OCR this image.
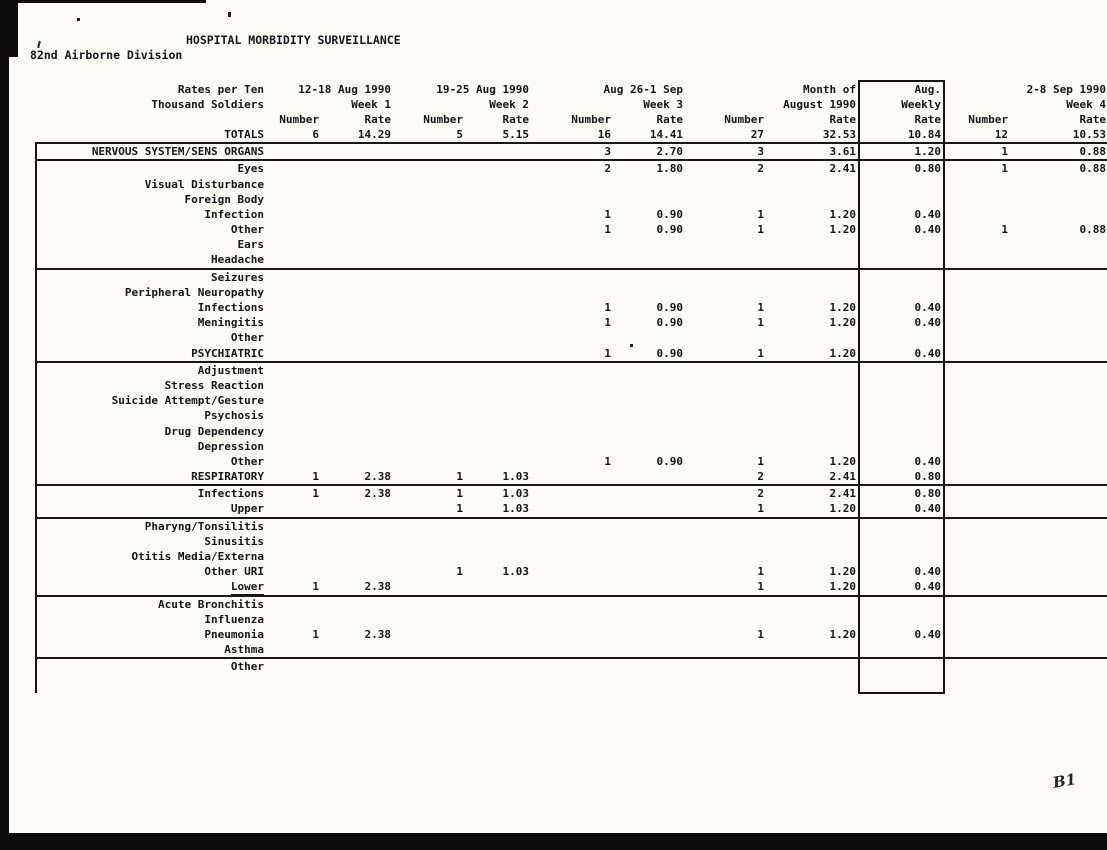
HOSPITAL MORBIDITY SURVEILLANCE
82nd Airborne Division
Rates per Ten	12-18 Aug 1990		19-25 Aug 1990		Aug 26-1 Sep		Month of		Aug.	2-8 Sep 1990	
Thousand Soldiers	Week 1		Week 2		Week 3		August 1990		Weekly	Week 4	
	Number	Rate	Number	Rate	Number	Rate	Number	Rate	Rate	Number	Rate
TOTALS	6	14.29	5	5.15	16	14.41	27	32.53	10.84	12	10.53
NERVOUS SYSTEM/SENS ORGANS					3	2.70	3	3.61	1.20	1	0.88
Eyes					2	1.80	2	2.41	0.80	1	0.88
Visual Disturbance											
Foreign Body											
Infection					1	0.90	1	1.20	0.40		
Other					1	0.90	1	1.20	0.40	1	0.88
Ears											
Headache											
Seizures											
Peripheral Neuropathy											
Infections					1	0.90	1	1.20	0.40		
Meningitis					1	0.90	1	1.20	0.40		
Other											
PSYCHIATRIC					1	0.90	1	1.20	0.40		
Adjustment											
Stress Reaction											
Suicide Attempt/Gesture											
Psychosis											
Drug Dependency											
Depression											
Other					1	0.90	1	1.20	0.40		
RESPIRATORY	1	2.38	1	1.03			2	2.41	0.80		
Infections	1	2.38	1	1.03			2	2.41	0.80		
Upper			1	1.03			1	1.20	0.40		
Pharyng/Tonsilitis											
Sinusitis											
Otitis Media/Externa											
Other URI			1	1.03			1	1.20	0.40		
Lower	1	2.38					1	1.20	0.40		
Acute Bronchitis											
Influenza											
Pneumonia	1	2.38					1	1.20	0.40		
Asthma											
Other											

B1
